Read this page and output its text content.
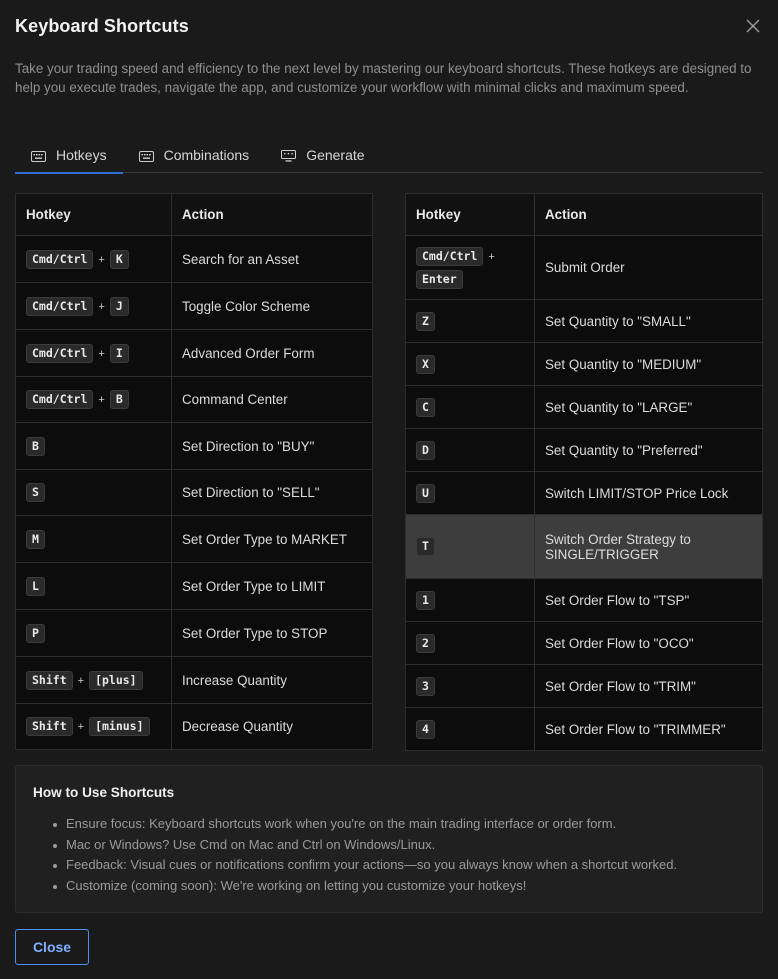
Keyboard Shortcuts

Take your trading speed and efficiency to the next level by mastering our keyboard shortcuts. These hotkeys are designed to help you execute trades, navigate the app, and customize your workflow with minimal clicks and maximum speed.

Hotkeys	Combinations	Generate
Hotkey	Action
Cmd/Ctrl + K	Search for an Asset
Cmd/Ctrl + J	Toggle Color Scheme
Cmd/Ctrl + I	Advanced Order Form
Cmd/Ctrl + B	Command Center
B	Set Direction to "BUY"
S	Set Direction to "SELL"
M	Set Order Type to MARKET
L	Set Order Type to LIMIT
P	Set Order Type to STOP
Shift + [plus]	Increase Quantity
Shift + [minus]	Decrease Quantity
Hotkey	Action
Cmd/Ctrl +
Enter	Submit Order
Z	Set Quantity to "SMALL"
X	Set Quantity to "MEDIUM"
C	Set Quantity to "LARGE"
D	Set Quantity to "Preferred"
U	Switch LIMIT/STOP Price Lock
T	Switch Order Strategy to SINGLE/TRIGGER
1	Set Order Flow to "TSP"
2	Set Order Flow to "OCO"
3	Set Order Flow to "TRIM"
4	Set Order Flow to "TRIMMER"
How to Use Shortcuts
Ensure focus: Keyboard shortcuts work when you're on the main trading interface or order form.
Mac or Windows? Use Cmd on Mac and Ctrl on Windows/Linux.
Feedback: Visual cues or notifications confirm your actions—so you always know when a shortcut worked.
Customize (coming soon): We're working on letting you customize your hotkeys!
Close
